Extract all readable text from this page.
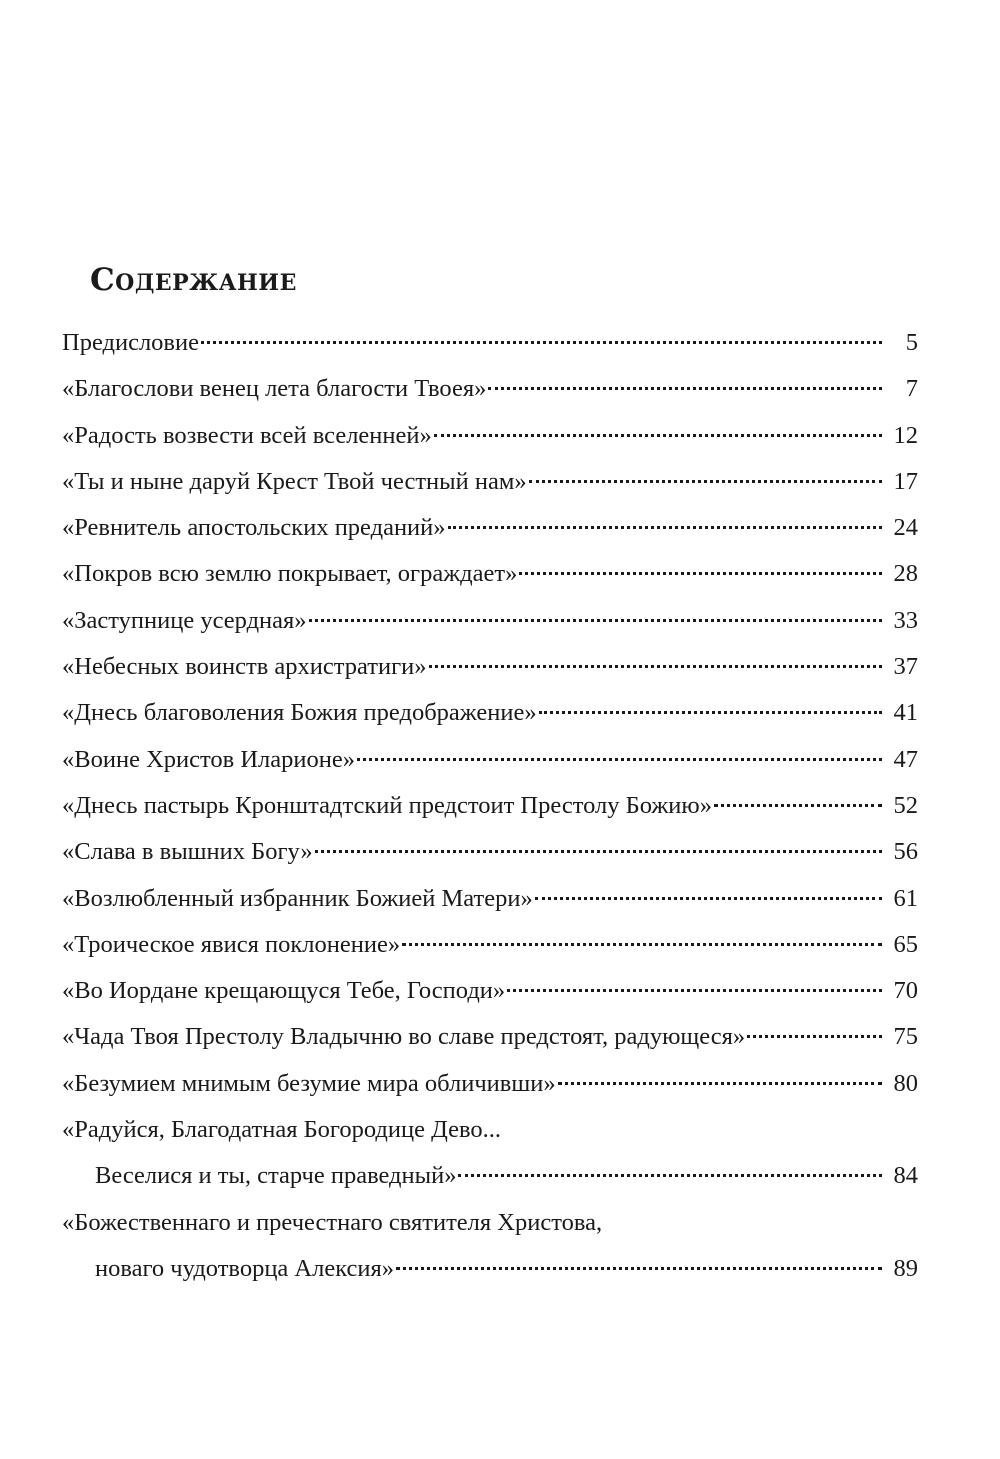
Содержание
Предисловие	5
«Благослови венец лета благости Твоея»	7
«Радость возвести всей вселенней»	12
«Ты и ныне даруй Крест Твой честный нам»	17
«Ревнитель апостольских преданий»	24
«Покров всю землю покрывает, ограждает»	28
«Заступнице усердная»	33
«Небесных воинств архистратиги»	37
«Днесь благоволения Божия предображение»	41
«Воине Христов Иларионе»	47
«Днесь пастырь Кронштадтский предстоит Престолу Божию»	52
«Слава в вышних Богу»	56
«Возлюбленный избранник Божией Матери»	61
«Троическое явися поклонение»	65
«Во Иордане крещающуся Тебе, Господи»	70
«Чада Твоя Престолу Владычню во славе предстоят, радующеся»	75
«Безумием мнимым безумие мира обличивши»	80
«Радуйся, Благодатная Богородице Дево...
Веселися и ты, старче праведный»	84
«Божественнаго и пречестнаго святителя Христова,
новаго чудотворца Алексия»	89
